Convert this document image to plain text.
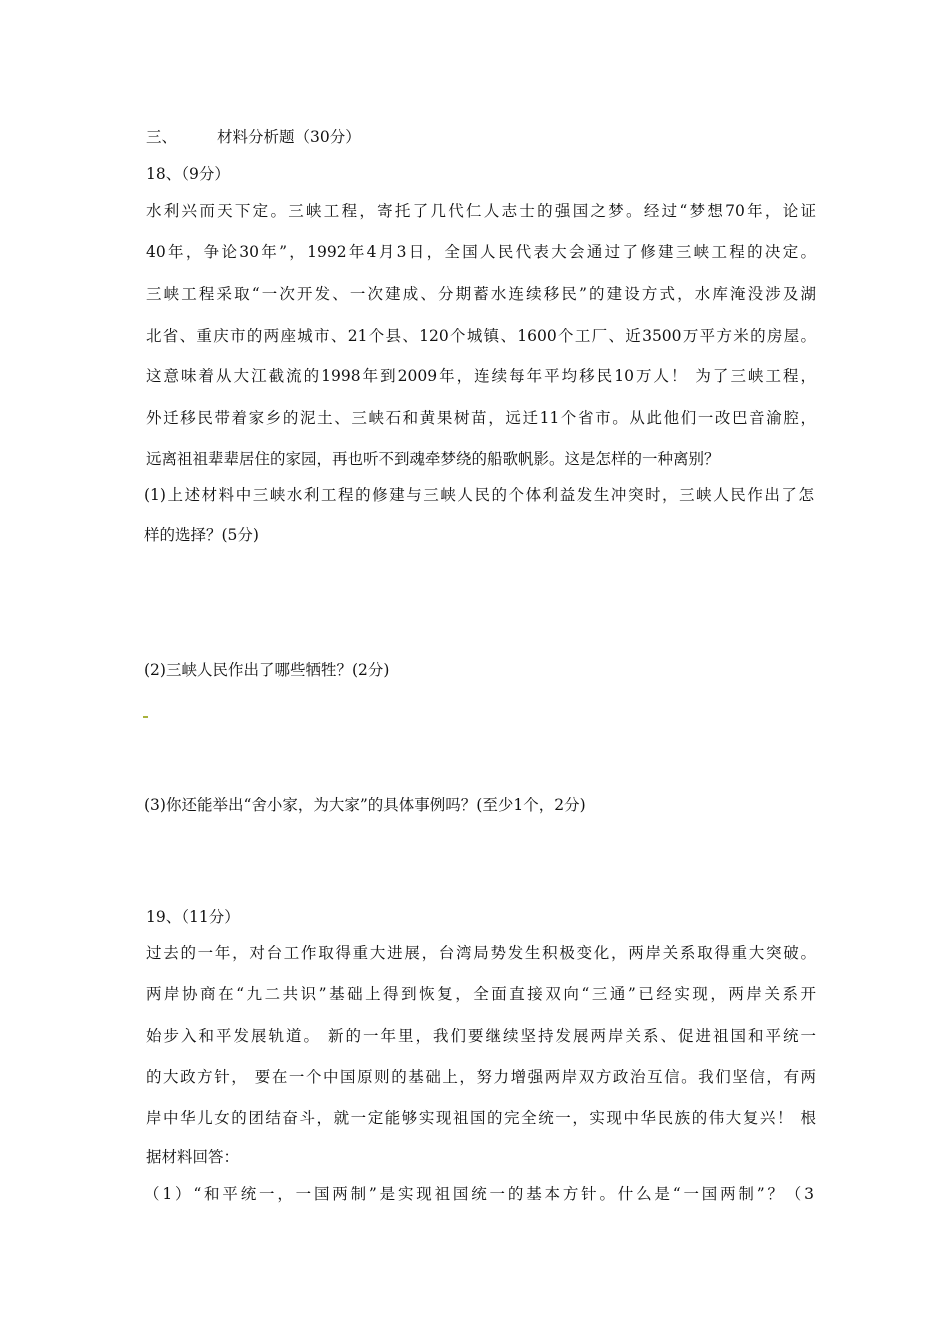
三、	材料分析题（30分）
18、（9分）
水利兴而天下定。三峡工程，寄托了几代仁人志士的强国之梦。经过“梦想70年，论证
40年，争论30年”，1992年4月3日，全国人民代表大会通过了修建三峡工程的决定。
三峡工程采取“一次开发、一次建成、分期蓄水连续移民”的建设方式，水库淹没涉及湖
北省、重庆市的两座城市、21个县、120个城镇、1600个工厂、近3500万平方米的房屋。
这意味着从大江截流的1998年到2009年，连续每年平均移民10万人！ 为了三峡工程，
外迁移民带着家乡的泥土、三峡石和黄果树苗，远迁11个省市。从此他们一改巴音渝腔，
远离祖祖辈辈居住的家园，再也听不到魂牵梦绕的船歌帆影。这是怎样的一种离别？
(1)上述材料中三峡水利工程的修建与三峡人民的个体利益发生冲突时，三峡人民作出了怎
样的选择？(5分)
(2)三峡人民作出了哪些牺牲？(2分)
(3)你还能举出“舍小家，为大家”的具体事例吗？(至少1个，2分)
19、（11分）
过去的一年，对台工作取得重大进展，台湾局势发生积极变化，两岸关系取得重大突破。
两岸协商在“九二共识”基础上得到恢复，全面直接双向“三通”已经实现，两岸关系开
始步入和平发展轨道。 新的一年里，我们要继续坚持发展两岸关系、促进祖国和平统一
的大政方针， 要在一个中国原则的基础上，努力增强两岸双方政治互信。我们坚信，有两
岸中华儿女的团结奋斗，就一定能够实现祖国的完全统一，实现中华民族的伟大复兴！ 根
据材料回答：
（1）“和平统一，一国两制”是实现祖国统一的基本方针。什么是“一国两制”？（3
